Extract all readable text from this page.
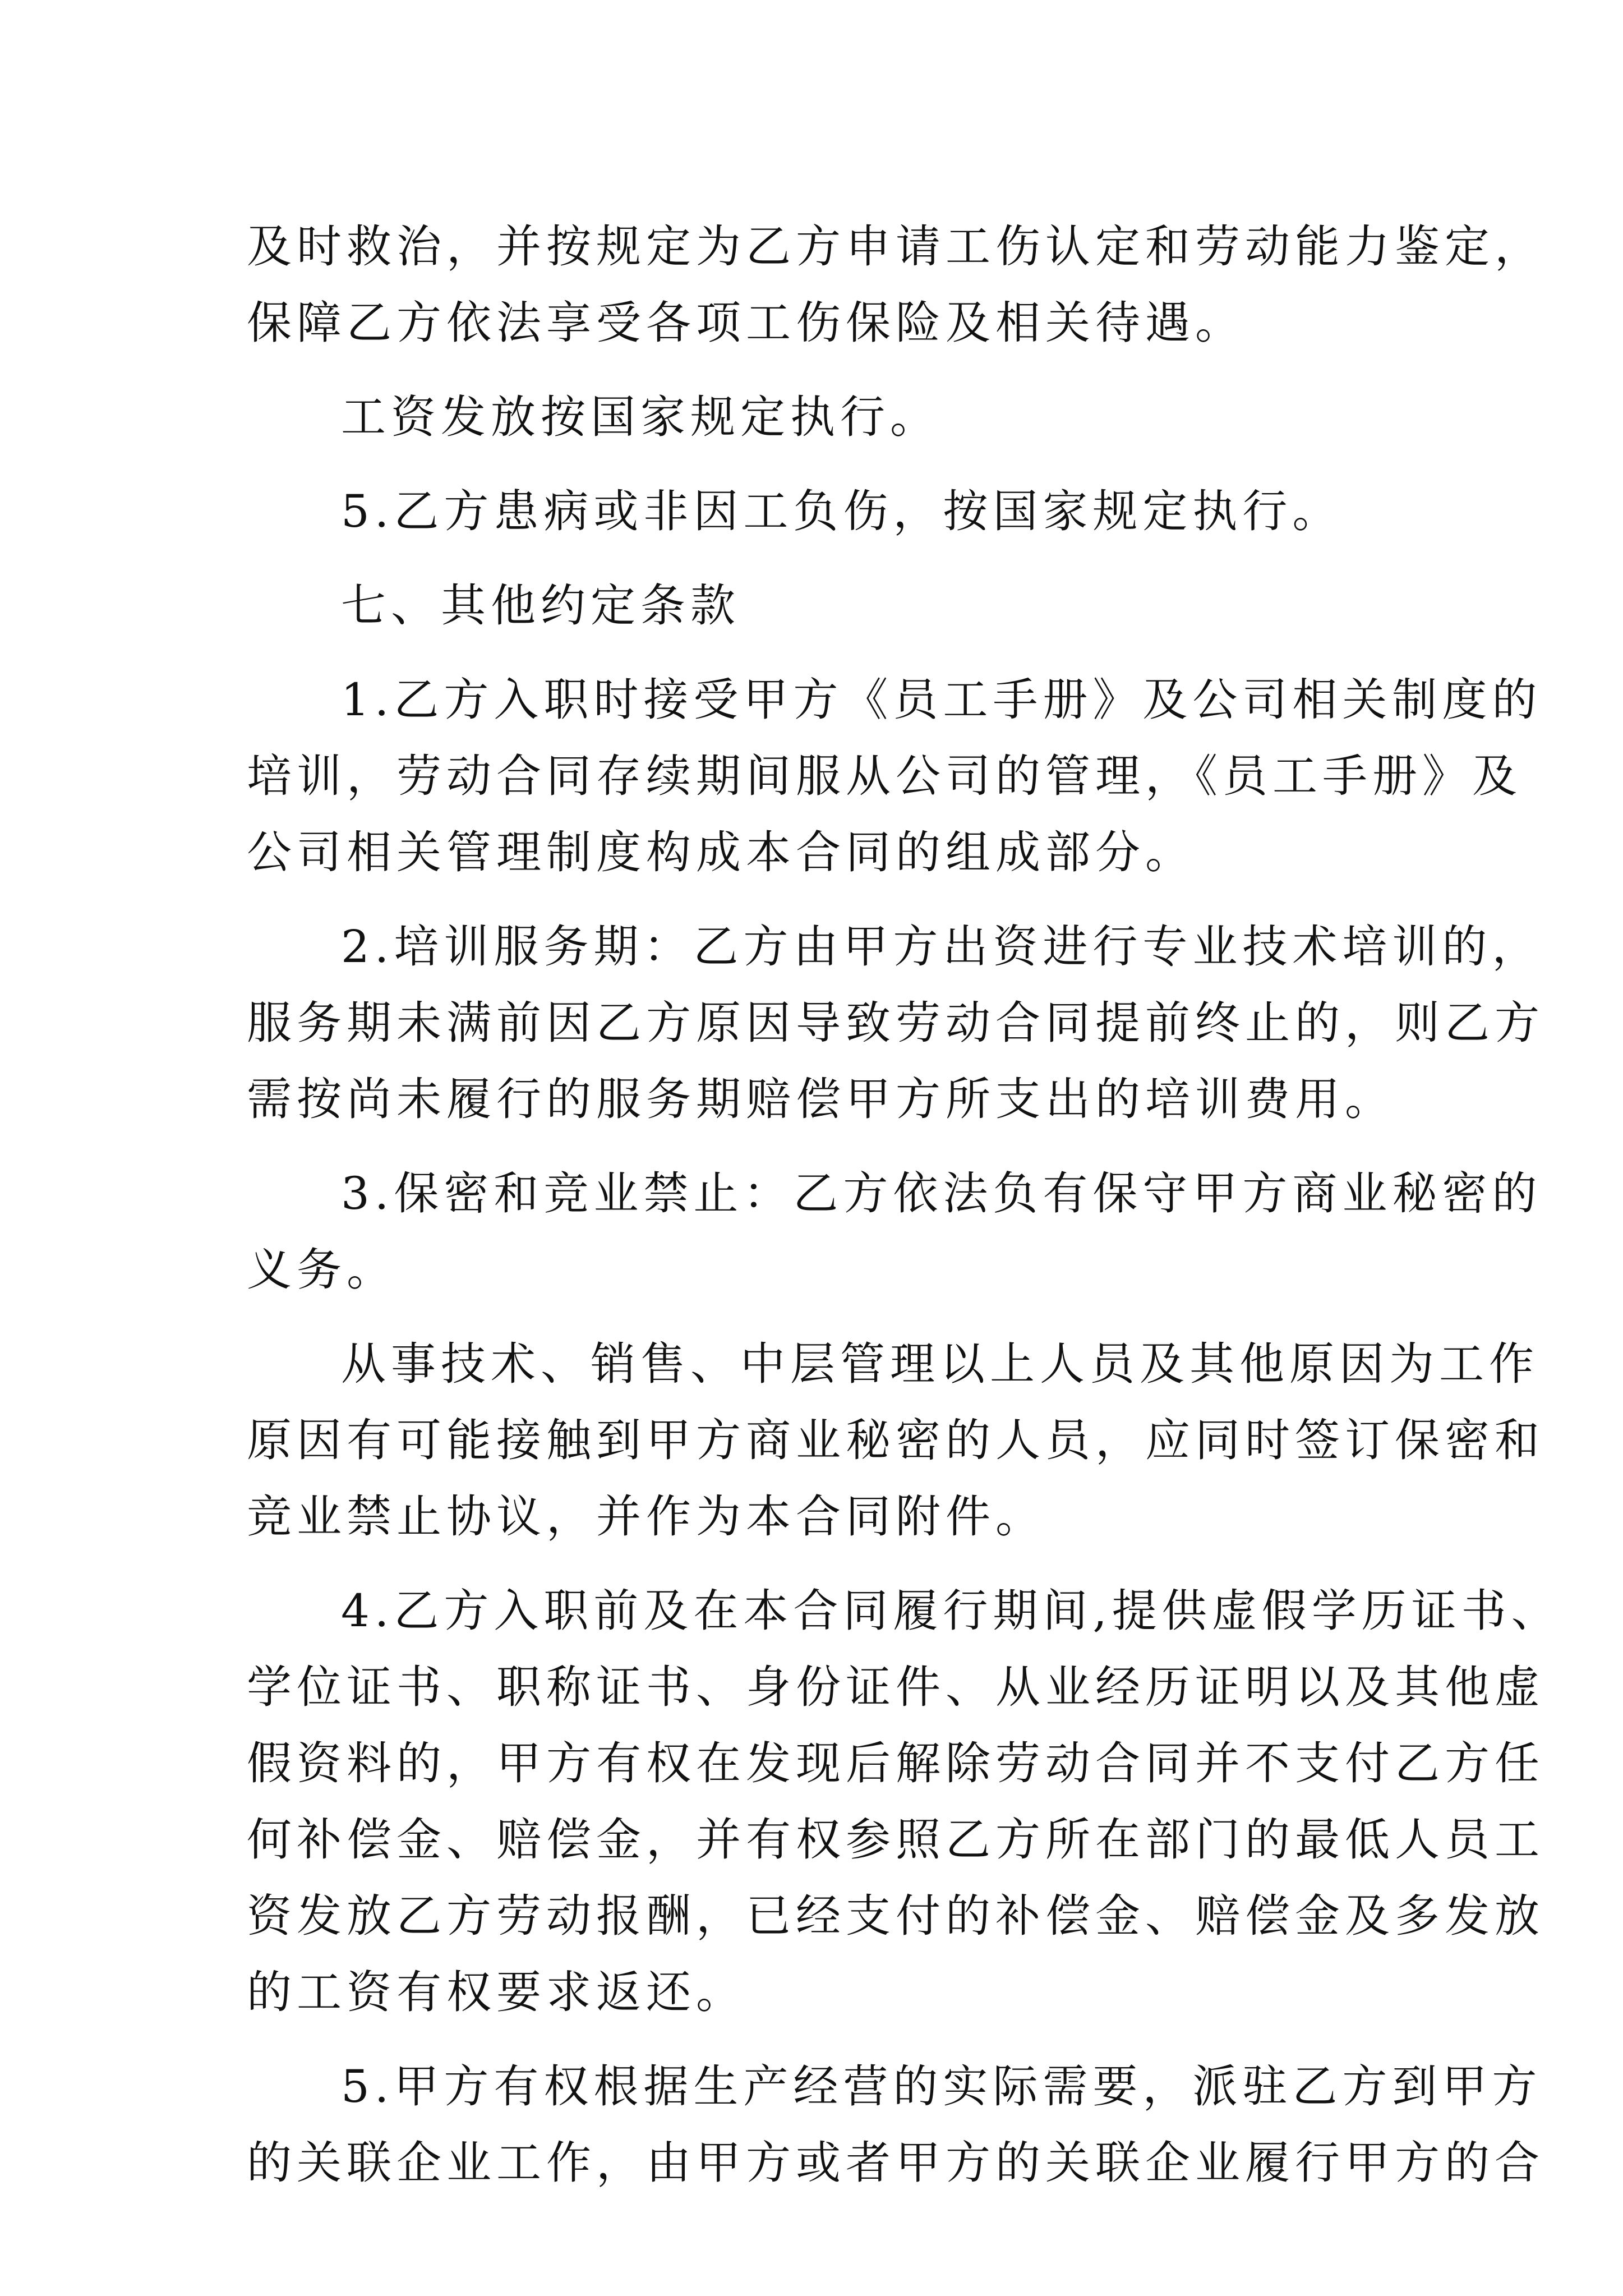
及时救治，并按规定为乙方申请工伤认定和劳动能力鉴定，
保障乙方依法享受各项工伤保险及相关待遇。
工资发放按国家规定执行。
5.乙方患病或非因工负伤，按国家规定执行。
七、其他约定条款
1.乙方入职时接受甲方《员工手册》及公司相关制度的
培训，劳动合同存续期间服从公司的管理，《员工手册》及
公司相关管理制度构成本合同的组成部分。
2.培训服务期：乙方由甲方出资进行专业技术培训的，
服务期未满前因乙方原因导致劳动合同提前终止的，则乙方
需按尚未履行的服务期赔偿甲方所支出的培训费用。
3.保密和竞业禁止：乙方依法负有保守甲方商业秘密的
义务。
从事技术、销售、中层管理以上人员及其他原因为工作
原因有可能接触到甲方商业秘密的人员，应同时签订保密和
竞业禁止协议，并作为本合同附件。
4.乙方入职前及在本合同履行期间,提供虚假学历证书、
学位证书、职称证书、身份证件、从业经历证明以及其他虚
假资料的，甲方有权在发现后解除劳动合同并不支付乙方任
何补偿金、赔偿金，并有权参照乙方所在部门的最低人员工
资发放乙方劳动报酬，已经支付的补偿金、赔偿金及多发放
的工资有权要求返还。
5.甲方有权根据生产经营的实际需要，派驻乙方到甲方
的关联企业工作，由甲方或者甲方的关联企业履行甲方的合
